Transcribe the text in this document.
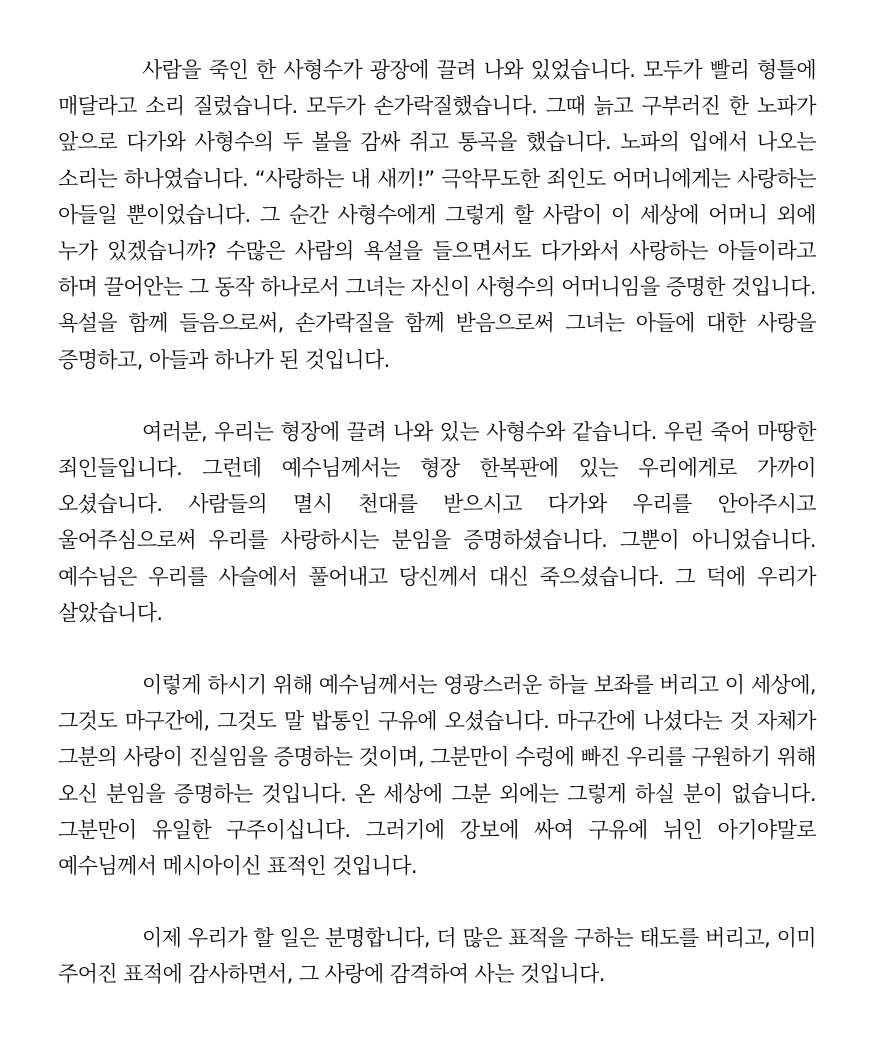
사람을 죽인 한 사형수가 광장에 끌려 나와 있었습니다. 모두가 빨리 형틀에 매달라고 소리 질렀습니다. 모두가 손가락질했습니다. 그때 늙고 구부러진 한 노파가 앞으로 다가와 사형수의 두 볼을 감싸 쥐고 통곡을 했습니다. 노파의 입에서 나오는 소리는 하나였습니다. “사랑하는 내 새끼!” 극악무도한 죄인도 어머니에게는 사랑하는 아들일 뿐이었습니다. 그 순간 사형수에게 그렇게 할 사람이 이 세상에 어머니 외에 누가 있겠습니까? 수많은 사람의 욕설을 들으면서도 다가와서 사랑하는 아들이라고 하며 끌어안는 그 동작 하나로서 그녀는 자신이 사형수의 어머니임을 증명한 것입니다. 욕설을 함께 들음으로써, 손가락질을 함께 받음으로써 그녀는 아들에 대한 사랑을 증명하고, 아들과 하나가 된 것입니다.

여러분, 우리는 형장에 끌려 나와 있는 사형수와 같습니다. 우린 죽어 마땅한 죄인들입니다. 그런데 예수님께서는 형장 한복판에 있는 우리에게로 가까이 오셨습니다. 사람들의 멸시 천대를 받으시고 다가와 우리를 안아주시고 울어주심으로써 우리를 사랑하시는 분임을 증명하셨습니다. 그뿐이 아니었습니다. 예수님은 우리를 사슬에서 풀어내고 당신께서 대신 죽으셨습니다. 그 덕에 우리가 살았습니다.

이렇게 하시기 위해 예수님께서는 영광스러운 하늘 보좌를 버리고 이 세상에, 그것도 마구간에, 그것도 말 밥통인 구유에 오셨습니다. 마구간에 나셨다는 것 자체가 그분의 사랑이 진실임을 증명하는 것이며, 그분만이 수렁에 빠진 우리를 구원하기 위해 오신 분임을 증명하는 것입니다. 온 세상에 그분 외에는 그렇게 하실 분이 없습니다. 그분만이 유일한 구주이십니다. 그러기에 강보에 싸여 구유에 뉘인 아기야말로 예수님께서 메시아이신 표적인 것입니다.

이제 우리가 할 일은 분명합니다, 더 많은 표적을 구하는 태도를 버리고, 이미 주어진 표적에 감사하면서, 그 사랑에 감격하여 사는 것입니다.
